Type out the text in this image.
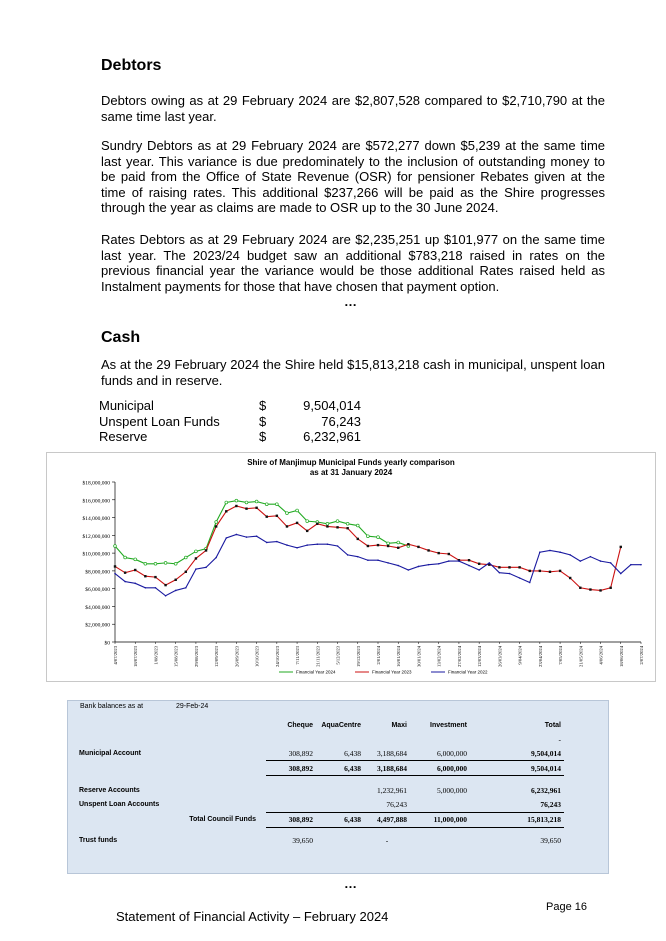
Debtors

Debtors owing as at 29 February 2024 are $2,807,528 compared to $2,710,790 at the same time last year.

Sundry Debtors as at 29 February 2024 are $572,277 down $5,239 at the same time last year. This variance is due predominately to the inclusion of outstanding money to be paid from the Office of State Revenue (OSR) for pensioner Rebates given at the time of raising rates. This additional $237,266 will be paid as the Shire progresses through the year as claims are made to OSR up to the 30 June 2024.

Rates Debtors as at 29 February 2024 are $2,235,251 up $101,977 on the same time last year. The 2023/24 budget saw an additional $783,218 raised in rates on the previous financial year the variance would be those additional Rates raised held as Instalment payments for those that have chosen that payment option.

…
Cash

As at the 29 February 2024 the Shire held $15,813,218 cash in municipal, unspent loan funds and in reserve.

Municipal	$	9,504,014
Unspent Loan Funds	$	76,243
Reserve	$	6,232,961
Shire of Manjimup Municipal Funds yearly comparison
as at 31 January 2024
$0
$2,000,000
$4,000,000
$6,000,000
$8,000,000
$10,000,000
$12,000,000
$14,000,000
$16,000,000
$18,000,000
4/07/2023	18/07/2023	1/08/2023	15/08/2023	29/08/2023	12/09/2023	26/09/2023	10/10/2023	24/10/2023	7/11/2023	21/11/2023	5/12/2023	19/12/2023	2/01/2024	16/01/2024	30/01/2024	13/02/2024	27/02/2024	12/03/2024	26/03/2024	9/04/2024	23/04/2024	7/05/2024	21/05/2024	4/06/2024	18/06/2024	2/07/2024
Financial Year 2024	Financial Year 2023	Financial Year 2022
Bank balances as at	29-Feb-24
	Cheque	AquaCentre	Maxi	Investment	Total
					-
Municipal Account	308,892	6,438	3,188,684	6,000,000	9,504,014
	308,892	6,438	3,188,684	6,000,000	9,504,014

Reserve Accounts			1,232,961	5,000,000	6,232,961
Unspent Loan Accounts			76,243		76,243
Total Council Funds	308,892	6,438	4,497,888	11,000,000	15,813,218

Trust funds	39,650		-		39,650
…
Page 16
Statement of Financial Activity – February 2024
